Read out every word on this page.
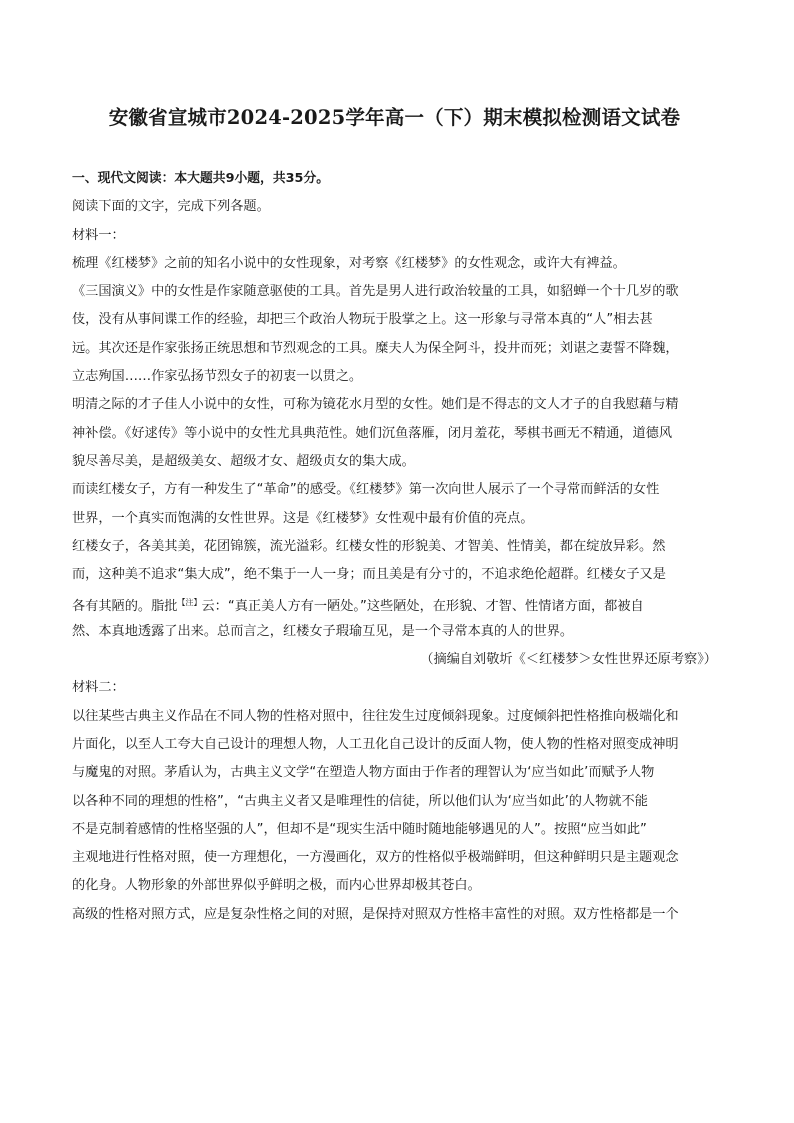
安徽省宣城市2024-2025学年高一（下）期末模拟检测语文试卷
一、现代文阅读：本大题共9小题，共35分。
阅读下面的文字，完成下列各题。
材料一：
梳理《红楼梦》之前的知名小说中的女性现象，对考察《红楼梦》的女性观念，或许大有裨益。
《三国演义》中的女性是作家随意驱使的工具。首先是男人进行政治较量的工具，如貂蝉一个十几岁的歌
伎，没有从事间谍工作的经验，却把三个政治人物玩于股掌之上。这一形象与寻常本真的“人”相去甚
远。其次还是作家张扬正统思想和节烈观念的工具。糜夫人为保全阿斗，投井而死；刘谌之妻誓不降魏，
立志殉国……作家弘扬节烈女子的初衷一以贯之。
明清之际的才子佳人小说中的女性，可称为镜花水月型的女性。她们是不得志的文人才子的自我慰藉与精
神补偿。《好逑传》等小说中的女性尤具典范性。她们沉鱼落雁，闭月羞花，琴棋书画无不精通，道德风
貌尽善尽美，是超级美女、超级才女、超级贞女的集大成。
而读红楼女子，方有一种发生了“革命”的感受。《红楼梦》第一次向世人展示了一个寻常而鲜活的女性
世界，一个真实而饱满的女性世界。这是《红楼梦》女性观中最有价值的亮点。
红楼女子，各美其美，花团锦簇，流光溢彩。红楼女性的形貌美、才智美、性情美，都在绽放异彩。然
而，这种美不追求“集大成”，绝不集于一人一身；而且美是有分寸的，不追求绝伦超群。红楼女子又是
各有其陋的。脂批$^{【注】}$云：“真正美人方有一陋处。”这些陋处，在形貌、才智、性情诸方面，都被自
然、本真地透露了出来。总而言之，红楼女子瑕瑜互见，是一个寻常本真的人的世界。
（摘编自刘敬圻《＜红楼梦＞女性世界还原考察》）
材料二：
以往某些古典主义作品在不同人物的性格对照中，往往发生过度倾斜现象。过度倾斜把性格推向极端化和
片面化，以至人工夸大自己设计的理想人物，人工丑化自己设计的反面人物，使人物的性格对照变成神明
与魔鬼的对照。茅盾认为，古典主义文学“在塑造人物方面由于作者的理智认为‘应当如此’而赋予人物
以各种不同的理想的性格”，“古典主义者又是唯理性的信徒，所以他们认为‘应当如此’的人物就不能
不是克制着感情的性格坚强的人”，但却不是“现实生活中随时随地能够遇见的人”。按照“应当如此”
主观地进行性格对照，使一方理想化，一方漫画化，双方的性格似乎极端鲜明，但这种鲜明只是主题观念
的化身。人物形象的外部世界似乎鲜明之极，而内心世界却极其苍白。
高级的性格对照方式，应是复杂性格之间的对照，是保持对照双方性格丰富性的对照。双方性格都是一个
